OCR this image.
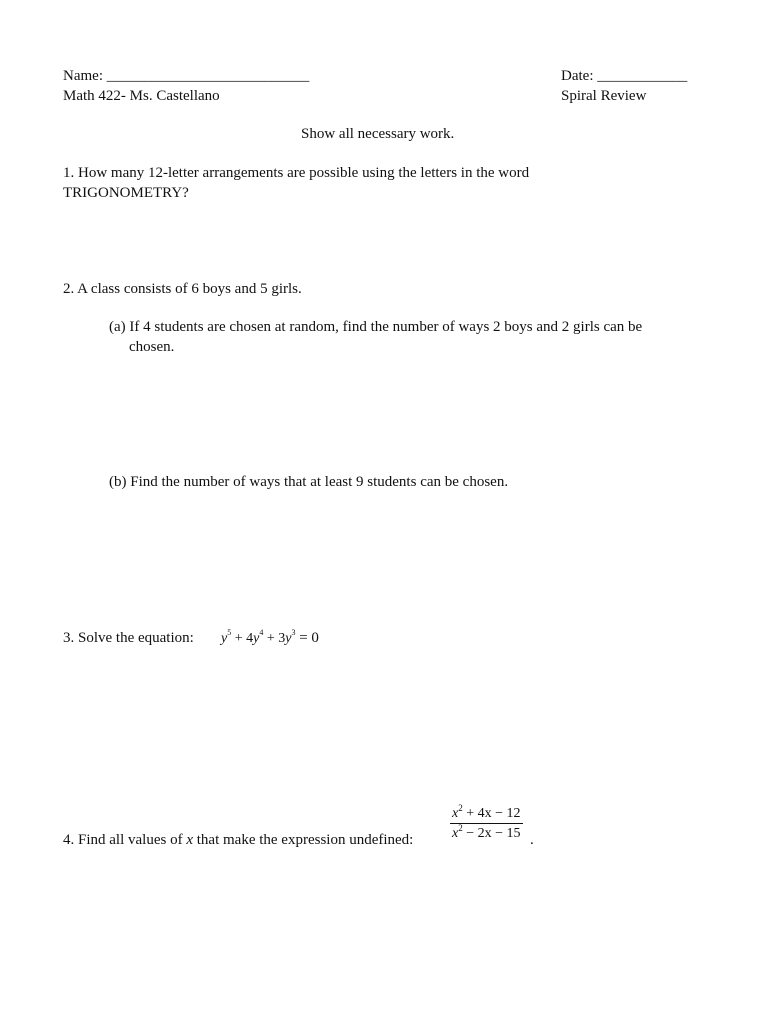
Name: ___________________________	Date: ____________
Math 422- Ms. Castellano	Spiral Review
Show all necessary work.
1. How many 12-letter arrangements are possible using the letters in the word
TRIGONOMETRY?
2. A class consists of 6 boys and 5 girls.
(a) If 4 students are chosen at random, find the number of ways 2 boys and 2 girls can be
chosen.
(b) Find the number of ways that at least 9 students can be chosen.
3. Solve the equation: $y^5 + 4y^4 + 3y^3 = 0$
4. Find all values of x that make the expression undefined:
$x^2 + 4x - 12$
$x^2 - 2x - 15$ .
